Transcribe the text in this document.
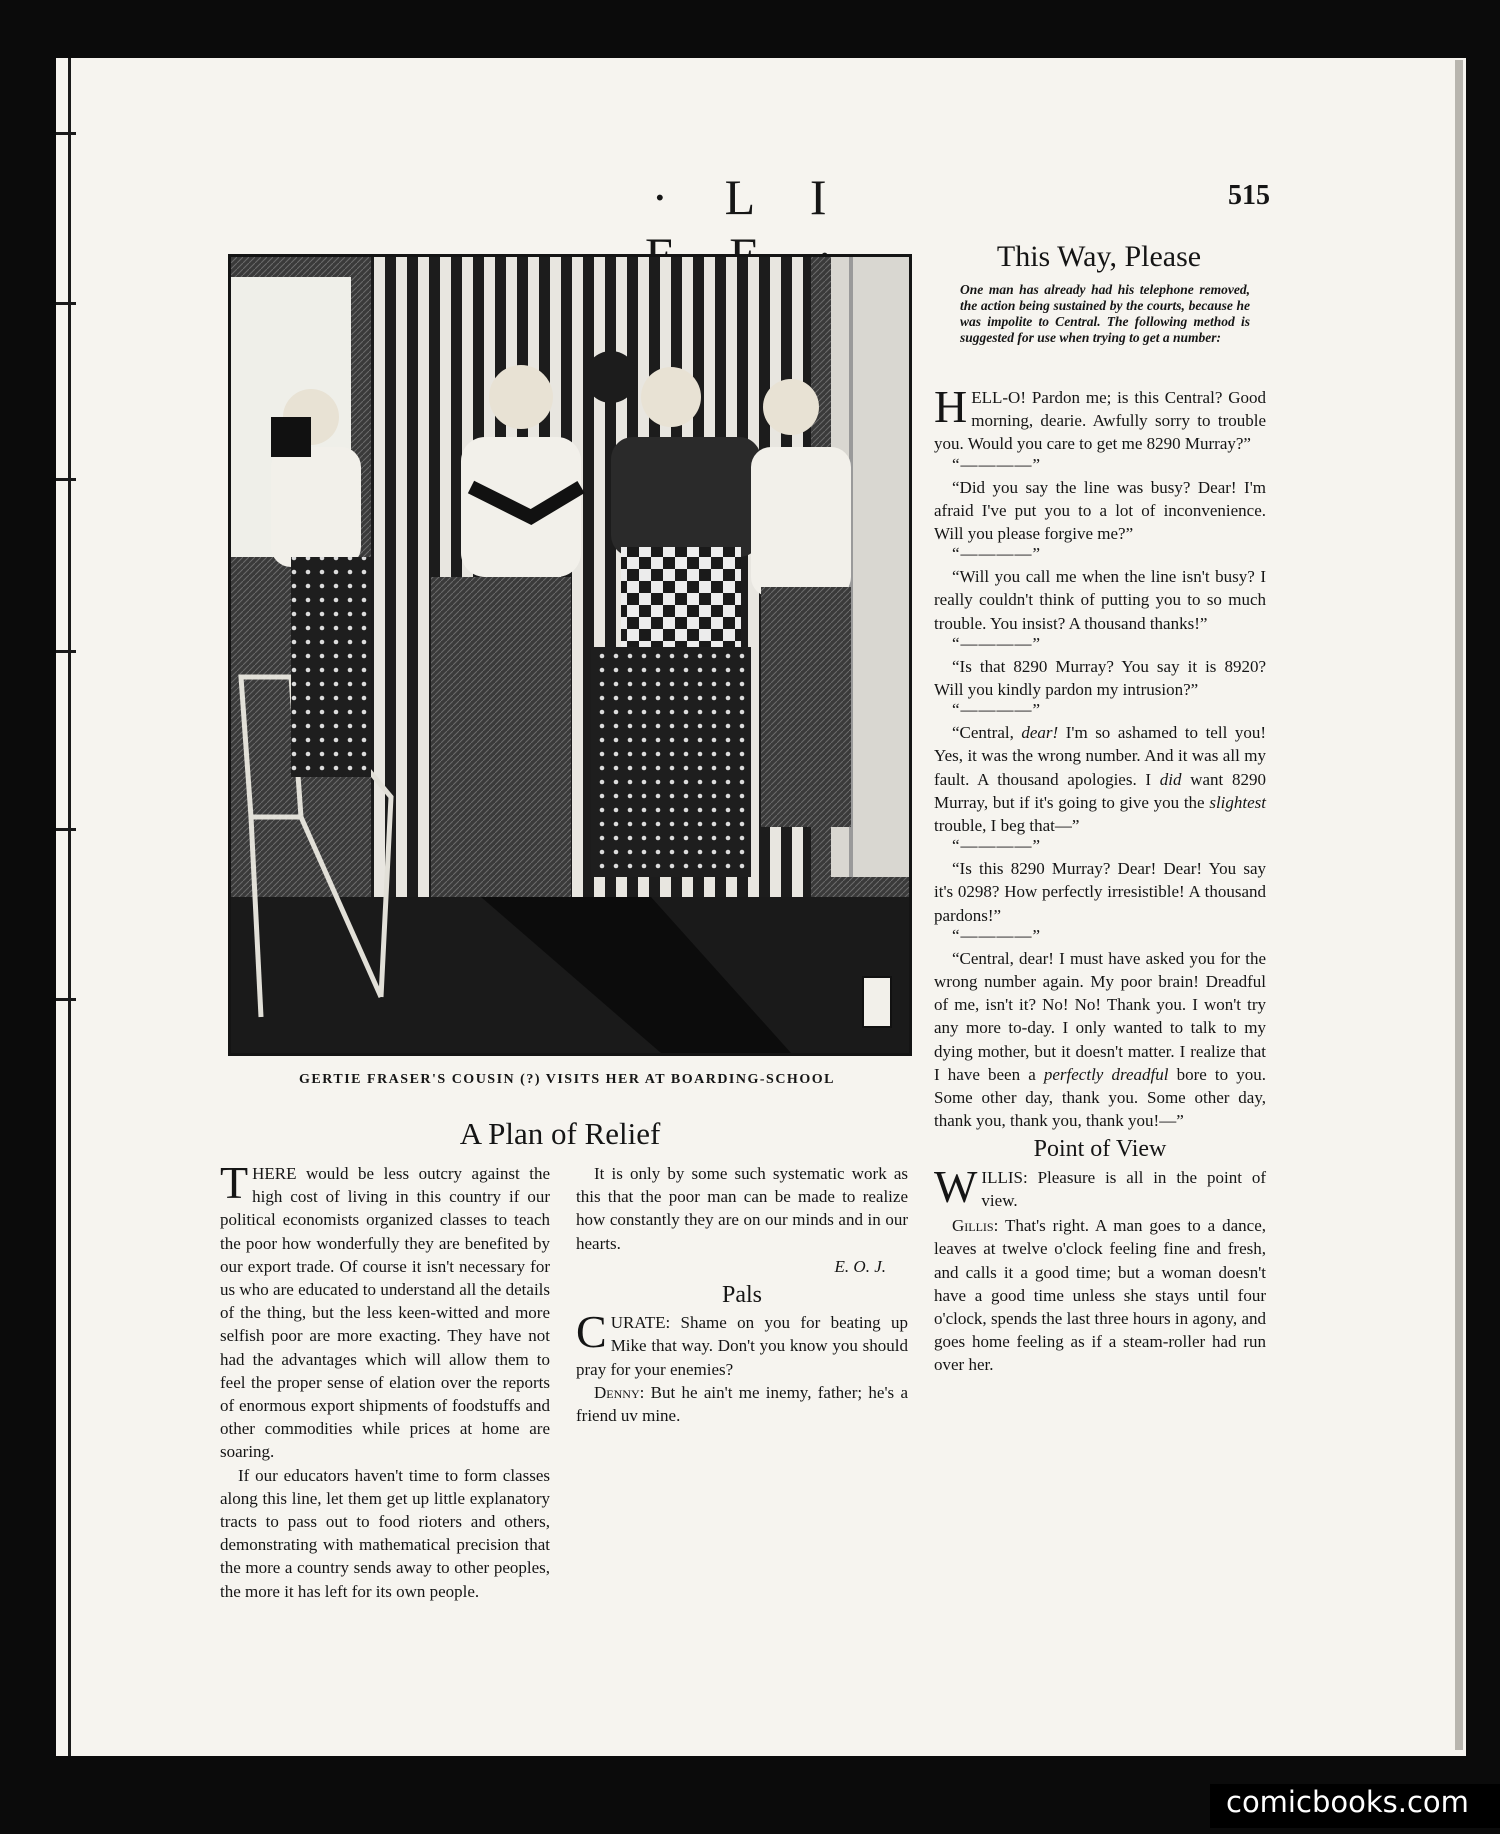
· L I	515
GERTIE FRASER'S COUSIN (?) VISITS HER AT BOARDING-SCHOOL
A Plan of Relief

THERE would be less outcry against the high cost of living in this country if our political economists organized classes to teach the poor how wonderfully they are benefited by our export trade. Of course it isn't necessary for us who are educated to understand all the details of the thing, but the less keen-witted and more selfish poor are more exacting. They have not had the advantages which will allow them to feel the proper sense of elation over the reports of enormous export shipments of foodstuffs and other commodities while prices at home are soaring.

If our educators haven't time to form classes along this line, let them get up little explanatory tracts to pass out to food rioters and others, demonstrating with mathematical precision that the more a country sends away to other peoples, the more it has left for its own people.

It is only by some such systematic work as this that the poor man can be made to realize how constantly they are on our minds and in our hearts.

E. O. J.
Pals

CURATE: Shame on you for beating up Mike that way. Don't you know you should pray for your enemies?

Denny: But he ain't me inemy, father; he's a friend uv mine.

This Way, Please
One man has already had his telephone removed, the action being sustained by the courts, because he was impolite to Central. The following method is suggested for use when trying to get a number:

HELL-O! Pardon me; is this Central? Good morning, dearie. Awfully sorry to trouble you. Would you care to get me 8290 Murray?”

“————”

“Did you say the line was busy? Dear! I'm afraid I've put you to a lot of inconvenience. Will you please forgive me?”

“————”

“Will you call me when the line isn't busy? I really couldn't think of putting you to so much trouble. You insist? A thousand thanks!”

“————”

“Is that 8290 Murray? You say it is 8920? Will you kindly pardon my intrusion?”

“————”

“Central, dear! I'm so ashamed to tell you! Yes, it was the wrong number. And it was all my fault. A thousand apologies. I did want 8290 Murray, but if it's going to give you the slightest trouble, I beg that—”

“————”

“Is this 8290 Murray? Dear! Dear! You say it's 0298? How perfectly irresistible! A thousand pardons!”

“————”

“Central, dear! I must have asked you for the wrong number again. My poor brain! Dreadful of me, isn't it? No! No! Thank you. I won't try any more to-day. I only wanted to talk to my dying mother, but it doesn't matter. I realize that I have been a perfectly dreadful bore to you. Some other day, thank you. Some other day, thank you, thank you, thank you!—”

Point of View

WILLIS: Pleasure is all in the point of view.

Gillis: That's right. A man goes to a dance, leaves at twelve o'clock feeling fine and fresh, and calls it a good time; but a woman doesn't have a good time unless she stays until four o'clock, spends the last three hours in agony, and goes home feeling as if a steam-roller had run over her.

comicbooks.com
